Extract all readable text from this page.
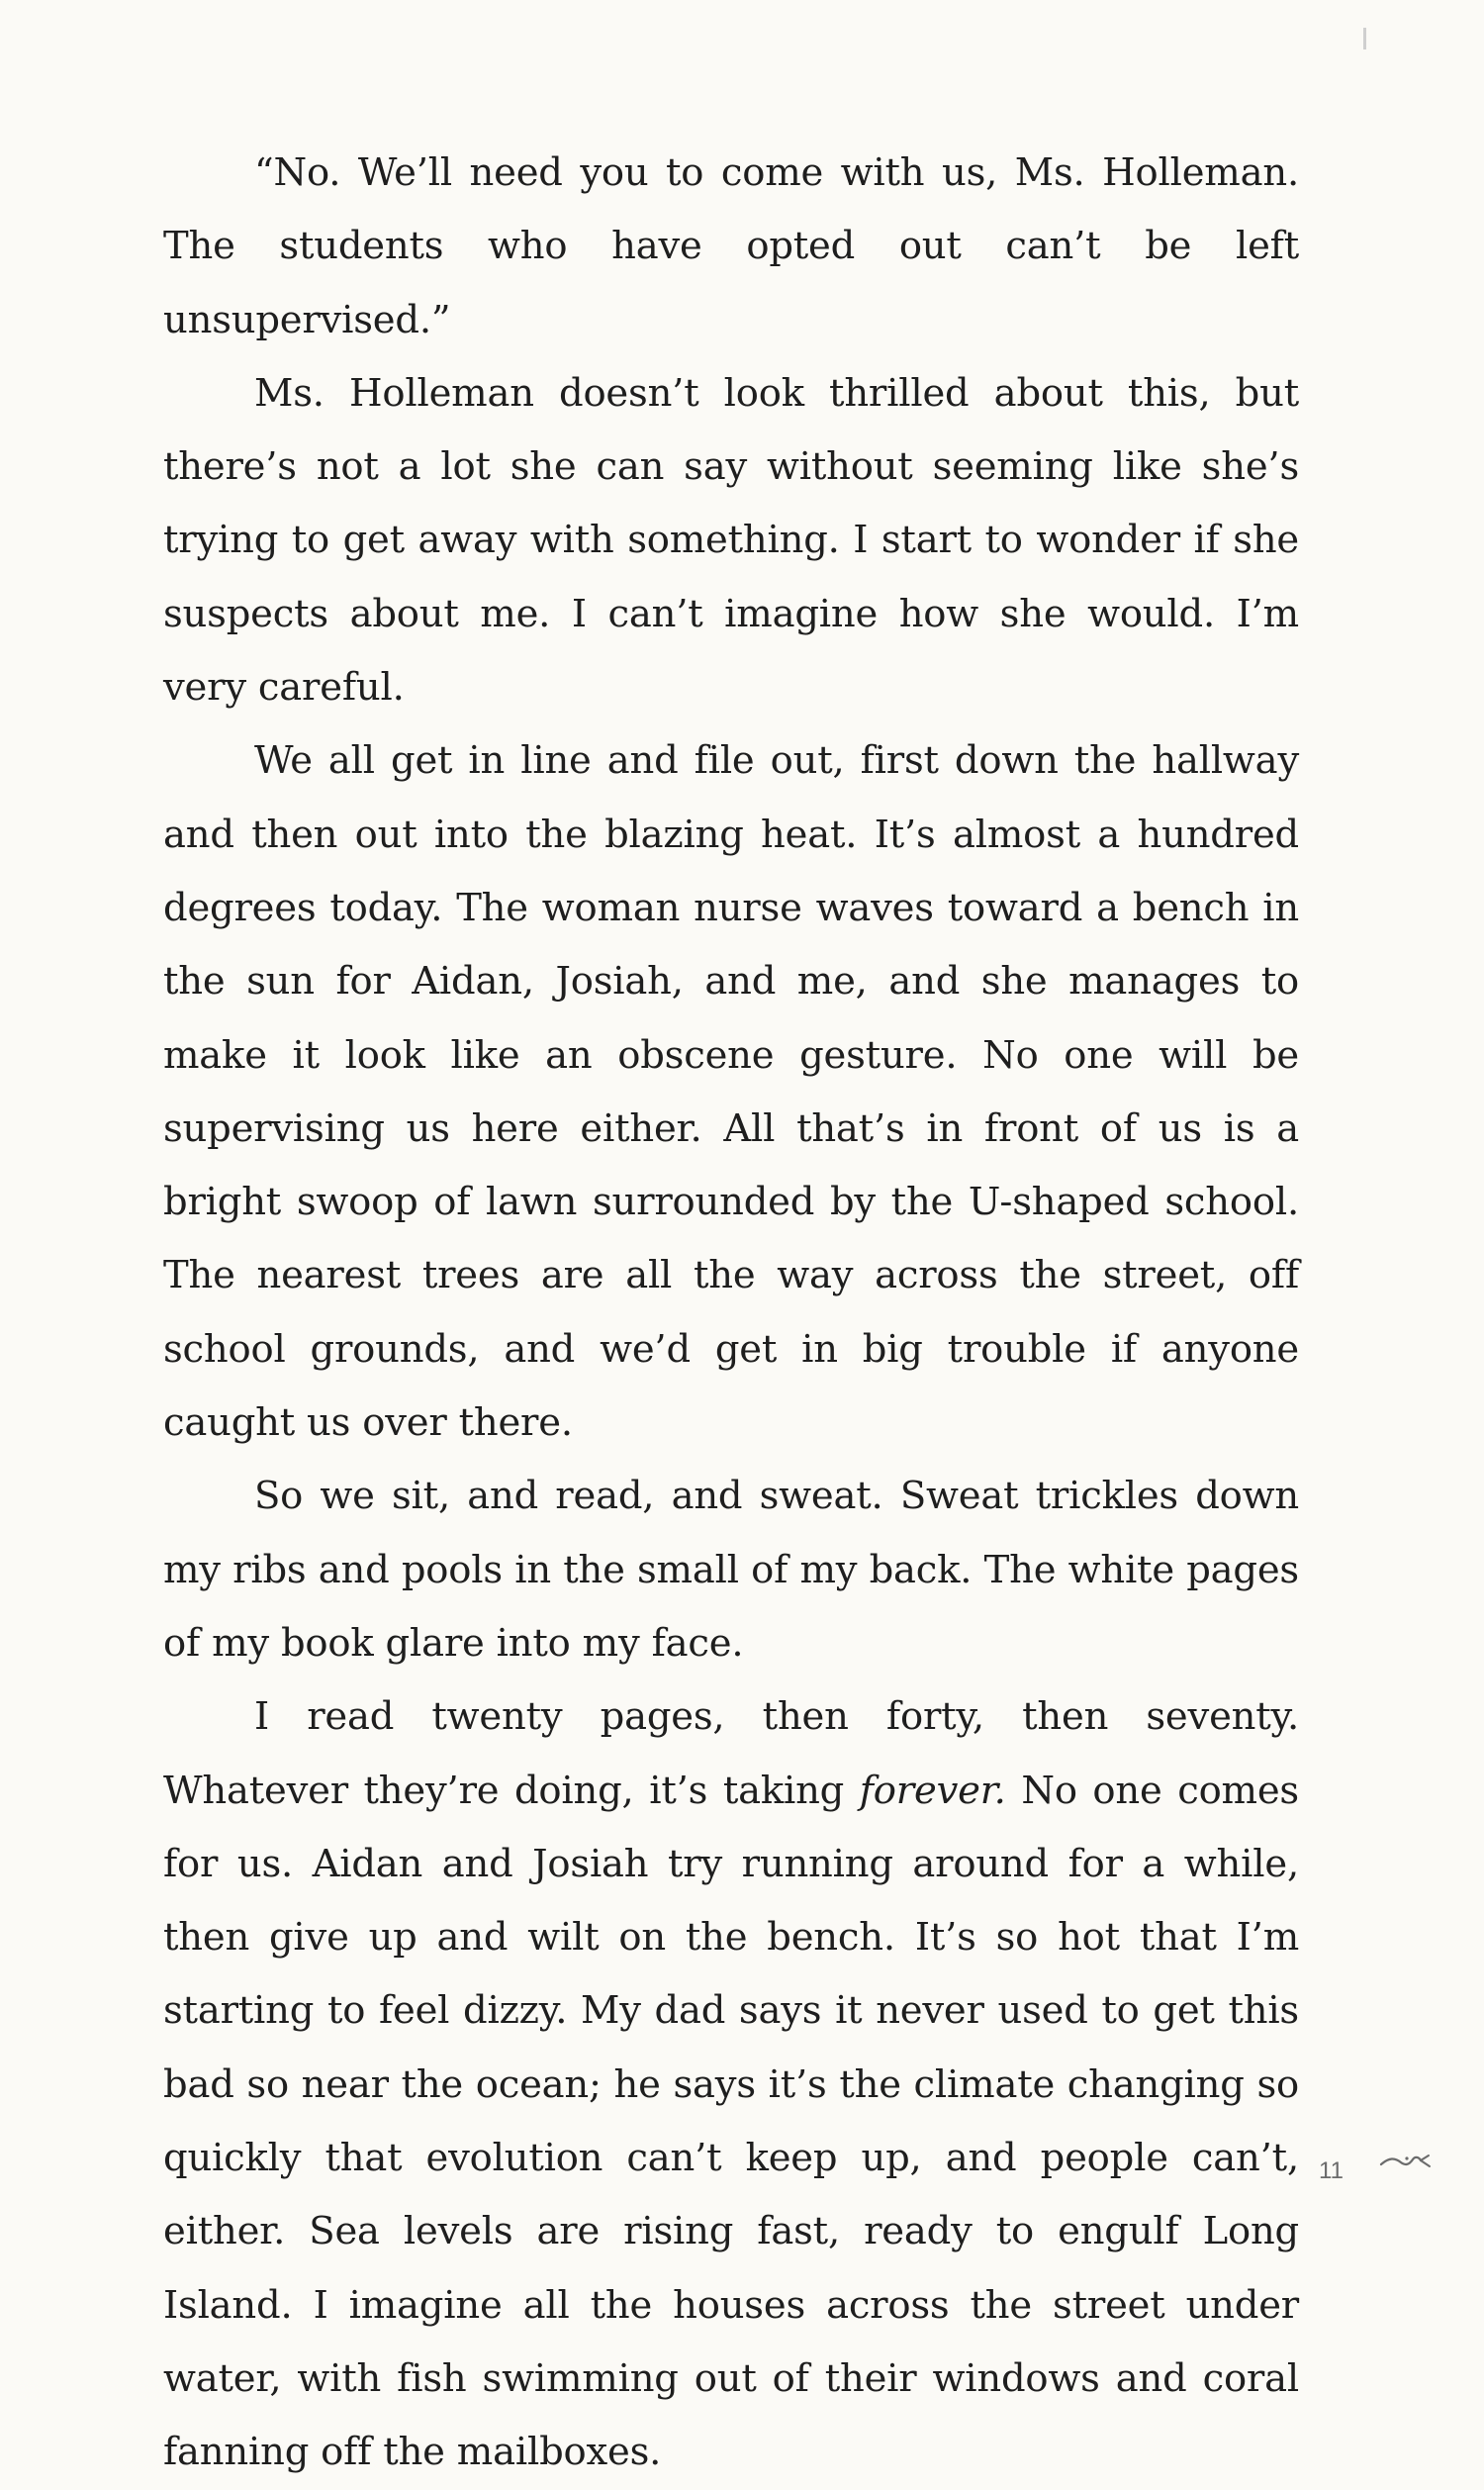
“No. We’ll need you to come with us, Ms. Holleman. The students who have opted out can’t be left unsupervised.”

Ms. Holleman doesn’t look thrilled about this, but there’s not a lot she can say without seeming like she’s trying to get away with something. I start to wonder if she suspects about me. I can’t imagine how she would. I’m very careful.

We all get in line and file out, first down the hallway and then out into the blazing heat. It’s almost a hundred degrees today. The woman nurse waves toward a bench in the sun for Aidan, Josiah, and me, and she manages to make it look like an obscene gesture. No one will be supervising us here either. All that’s in front of us is a bright swoop of lawn surrounded by the U-shaped school. The nearest trees are all the way across the street, off school grounds, and we’d get in big trouble if anyone caught us over there.

So we sit, and read, and sweat. Sweat trickles down my ribs and pools in the small of my back. The white pages of my book glare into my face.

I read twenty pages, then forty, then seventy. Whatever they’re doing, it’s taking forever. No one comes for us. Aidan and Josiah try running around for a while, then give up and wilt on the bench. It’s so hot that I’m starting to feel dizzy. My dad says it never used to get this bad so near the ocean; he says it’s the climate changing so quickly that evolution can’t keep up, and people can’t, either. Sea levels are rising fast, ready to engulf Long Island. I imagine all the houses across the street under water, with fish swimming out of their windows and coral fanning off the mailboxes.

11
